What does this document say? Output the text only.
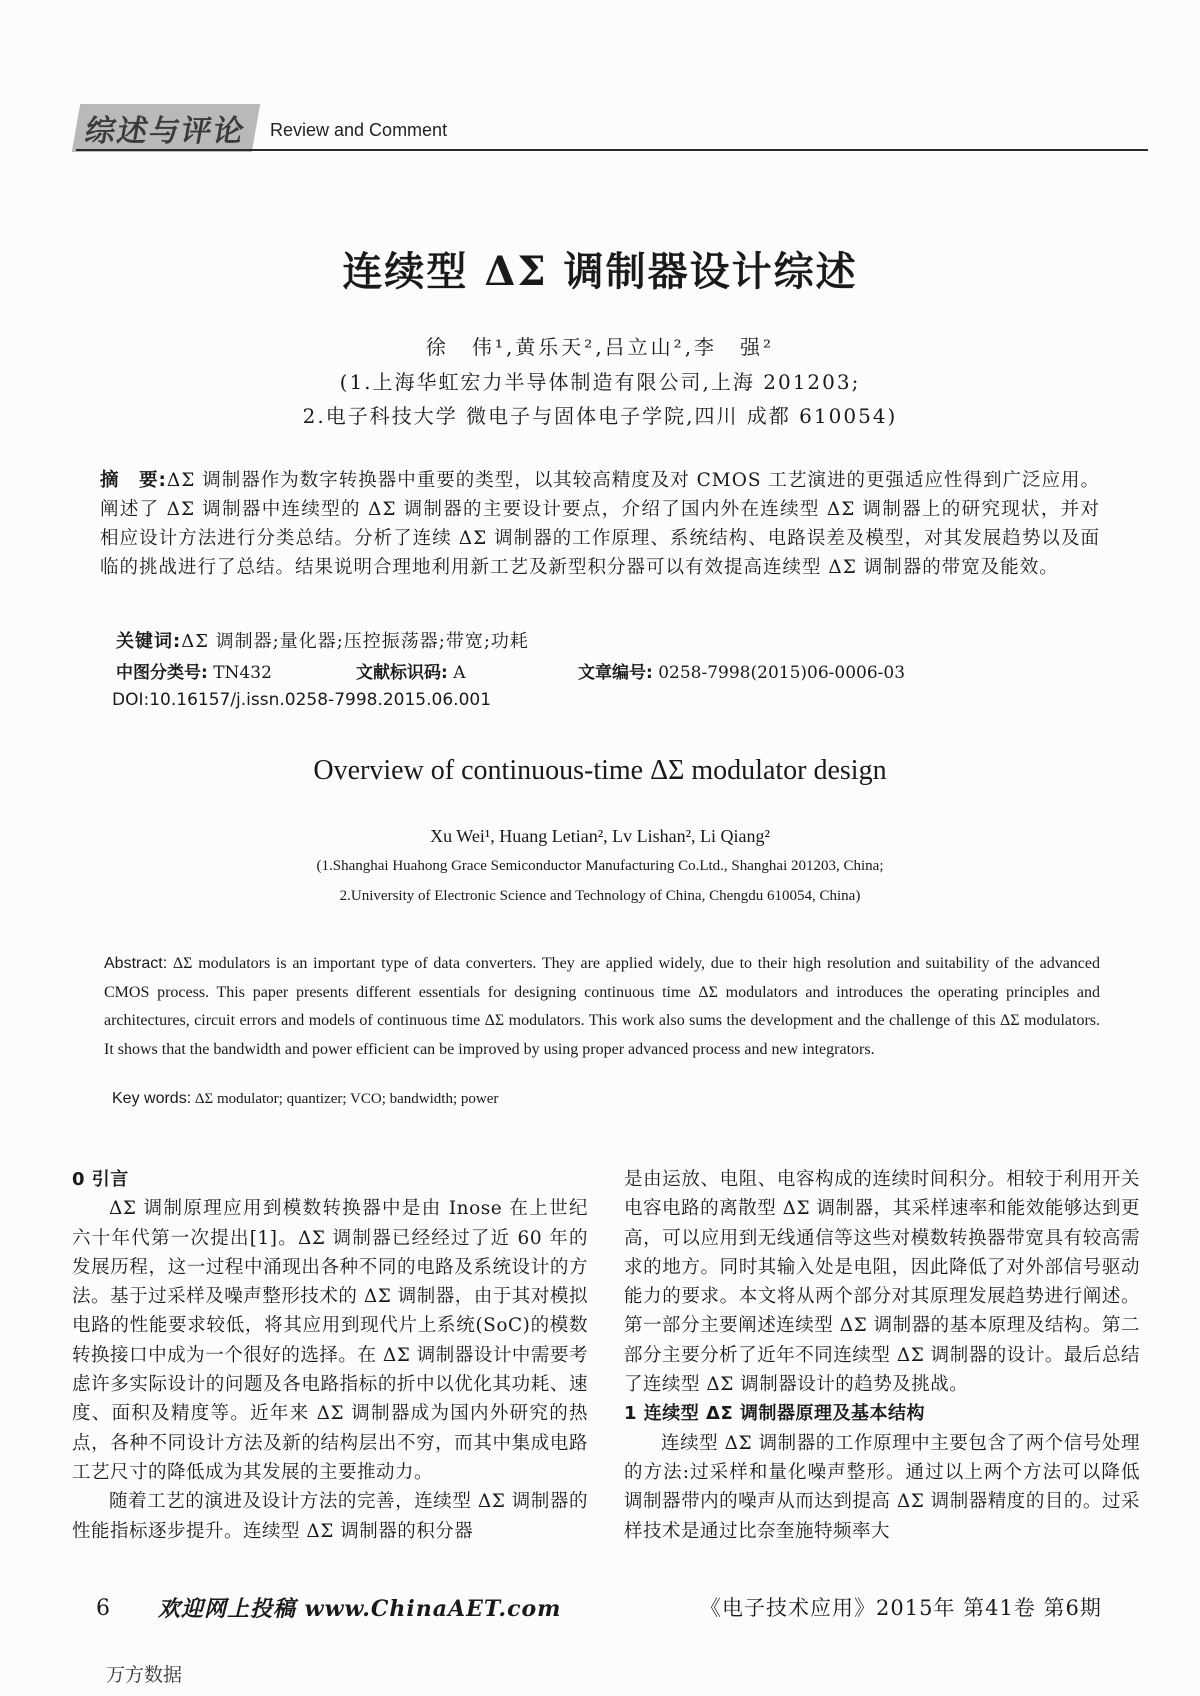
综述与评论	Review and Comment
连续型 ΔΣ 调制器设计综述
徐　伟¹,黄乐天²,吕立山²,李　强²
(1.上海华虹宏力半导体制造有限公司,上海 201203;
2.电子科技大学 微电子与固体电子学院,四川 成都 610054)
摘　要:ΔΣ 调制器作为数字转换器中重要的类型，以其较高精度及对 CMOS 工艺演进的更强适应性得到广泛应用。阐述了 ΔΣ 调制器中连续型的 ΔΣ 调制器的主要设计要点，介绍了国内外在连续型 ΔΣ 调制器上的研究现状，并对相应设计方法进行分类总结。分析了连续 ΔΣ 调制器的工作原理、系统结构、电路误差及模型，对其发展趋势以及面临的挑战进行了总结。结果说明合理地利用新工艺及新型积分器可以有效提高连续型 ΔΣ 调制器的带宽及能效。
关键词:ΔΣ 调制器;量化器;压控振荡器;带宽;功耗
中图分类号: TN432	文献标识码: A	文章编号: 0258-7998(2015)06-0006-03
DOI:10.16157/j.issn.0258-7998.2015.06.001
Overview of continuous-time ΔΣ modulator design
Xu Wei¹, Huang Letian², Lv Lishan², Li Qiang²
(1.Shanghai Huahong Grace Semiconductor Manufacturing Co.Ltd., Shanghai 201203, China;
2.University of Electronic Science and Technology of China, Chengdu 610054, China)
Abstract: ΔΣ modulators is an important type of data converters. They are applied widely, due to their high resolution and suitability of the advanced CMOS process. This paper presents different essentials for designing continuous time ΔΣ modulators and introduces the operating principles and architectures, circuit errors and models of continuous time ΔΣ modulators. This work also sums the development and the challenge of this ΔΣ modulators. It shows that the bandwidth and power efficient can be improved by using proper advanced process and new integrators.
Key words: ΔΣ modulator; quantizer; VCO; bandwidth; power
0 引言

ΔΣ 调制原理应用到模数转换器中是由 Inose 在上世纪六十年代第一次提出[1]。ΔΣ 调制器已经经过了近 60 年的发展历程，这一过程中涌现出各种不同的电路及系统设计的方法。基于过采样及噪声整形技术的 ΔΣ 调制器，由于其对模拟电路的性能要求较低，将其应用到现代片上系统(SoC)的模数转换接口中成为一个很好的选择。在 ΔΣ 调制器设计中需要考虑许多实际设计的问题及各电路指标的折中以优化其功耗、速度、面积及精度等。近年来 ΔΣ 调制器成为国内外研究的热点，各种不同设计方法及新的结构层出不穷，而其中集成电路工艺尺寸的降低成为其发展的主要推动力。

随着工艺的演进及设计方法的完善，连续型 ΔΣ 调制器的性能指标逐步提升。连续型 ΔΣ 调制器的积分器

是由运放、电阻、电容构成的连续时间积分。相较于利用开关电容电路的离散型 ΔΣ 调制器，其采样速率和能效能够达到更高，可以应用到无线通信等这些对模数转换器带宽具有较高需求的地方。同时其输入处是电阻，因此降低了对外部信号驱动能力的要求。本文将从两个部分对其原理发展趋势进行阐述。第一部分主要阐述连续型 ΔΣ 调制器的基本原理及结构。第二部分主要分析了近年不同连续型 ΔΣ 调制器的设计。最后总结了连续型 ΔΣ 调制器设计的趋势及挑战。

1 连续型 ΔΣ 调制器原理及基本结构

连续型 ΔΣ 调制器的工作原理中主要包含了两个信号处理的方法:过采样和量化噪声整形。通过以上两个方法可以降低调制器带内的噪声从而达到提高 ΔΣ 调制器精度的目的。过采样技术是通过比奈奎施特频率大

6 欢迎网上投稿 www.ChinaAET.com	《电子技术应用》2015年 第41卷 第6期
万方数据
